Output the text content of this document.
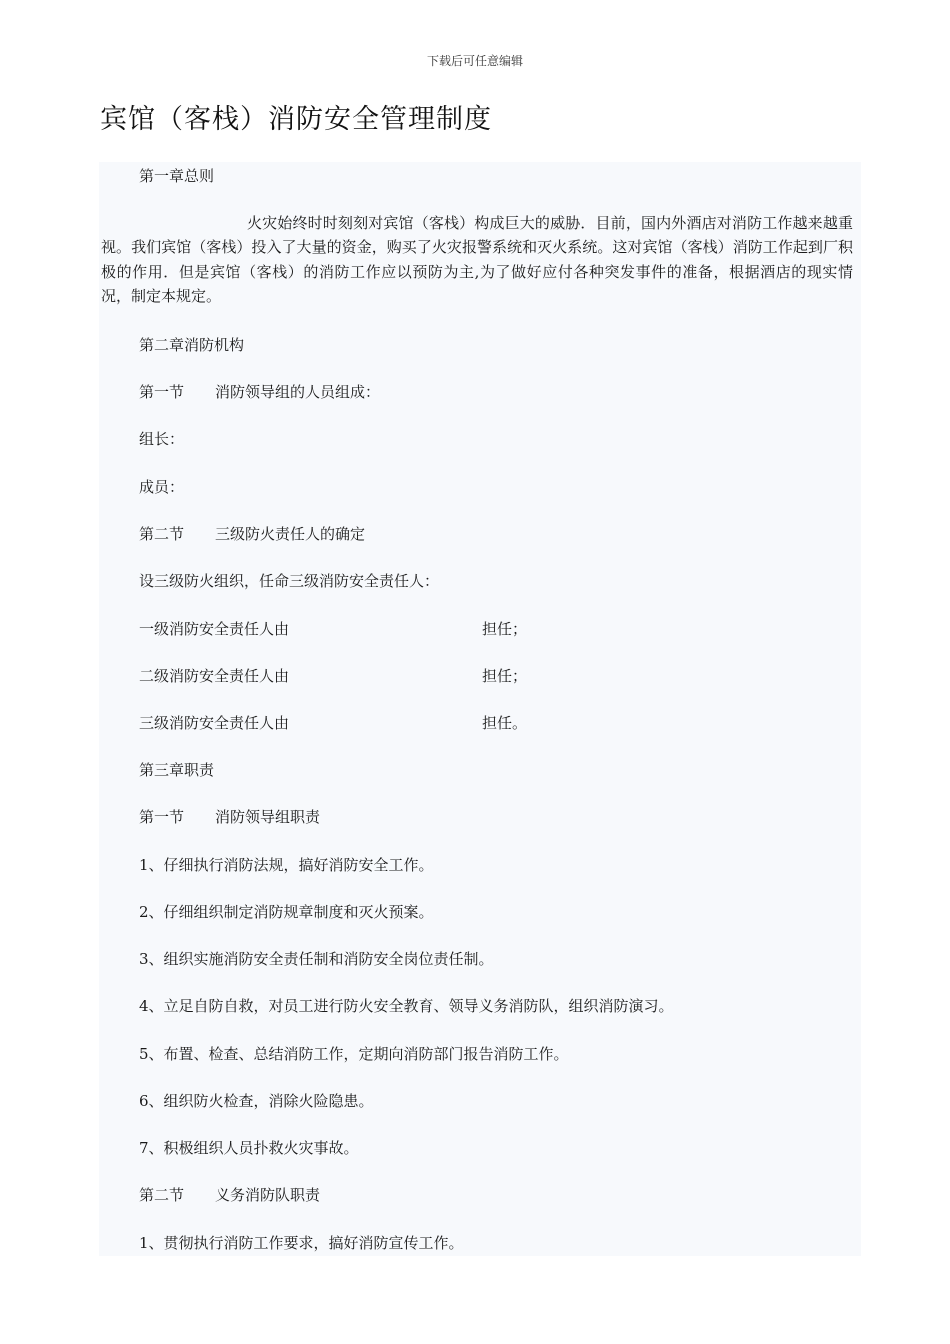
下载后可任意编辑
宾馆（客栈）消防安全管理制度
第一章总则
火灾始终时时刻刻对宾馆（客栈）构成巨大的威胁．目前，国内外酒店对消防工作越来越重视。我们宾馆（客栈）投入了大量的资金，购买了火灾报警系统和灭火系统。这对宾馆（客栈）消防工作起到厂积极的作用．但是宾馆（客栈）的消防工作应以预防为主,为了做好应付各种突发事件的准备，根据酒店的现实情况，制定本规定。
第二章消防机构
第一节 消防领导组的人员组成：
组长：
成员：
第二节 三级防火责任人的确定
设三级防火组织，任命三级消防安全责任人：
一级消防安全责任人由	担任；
二级消防安全责任人由	担任；
三级消防安全责任人由	担任。
第三章职责
第一节 消防领导组职责
1、仔细执行消防法规，搞好消防安全工作。
2、仔细组织制定消防规章制度和灭火预案。
3、组织实施消防安全责任制和消防安全岗位责任制。
4、立足自防自救，对员工进行防火安全教育、领导义务消防队，组织消防演习。
5、布置、检查、总结消防工作，定期向消防部门报告消防工作。
6、组织防火检查，消除火险隐患。
7、积极组织人员扑救火灾事故。
第二节 义务消防队职责
1、贯彻执行消防工作要求，搞好消防宣传工作。
